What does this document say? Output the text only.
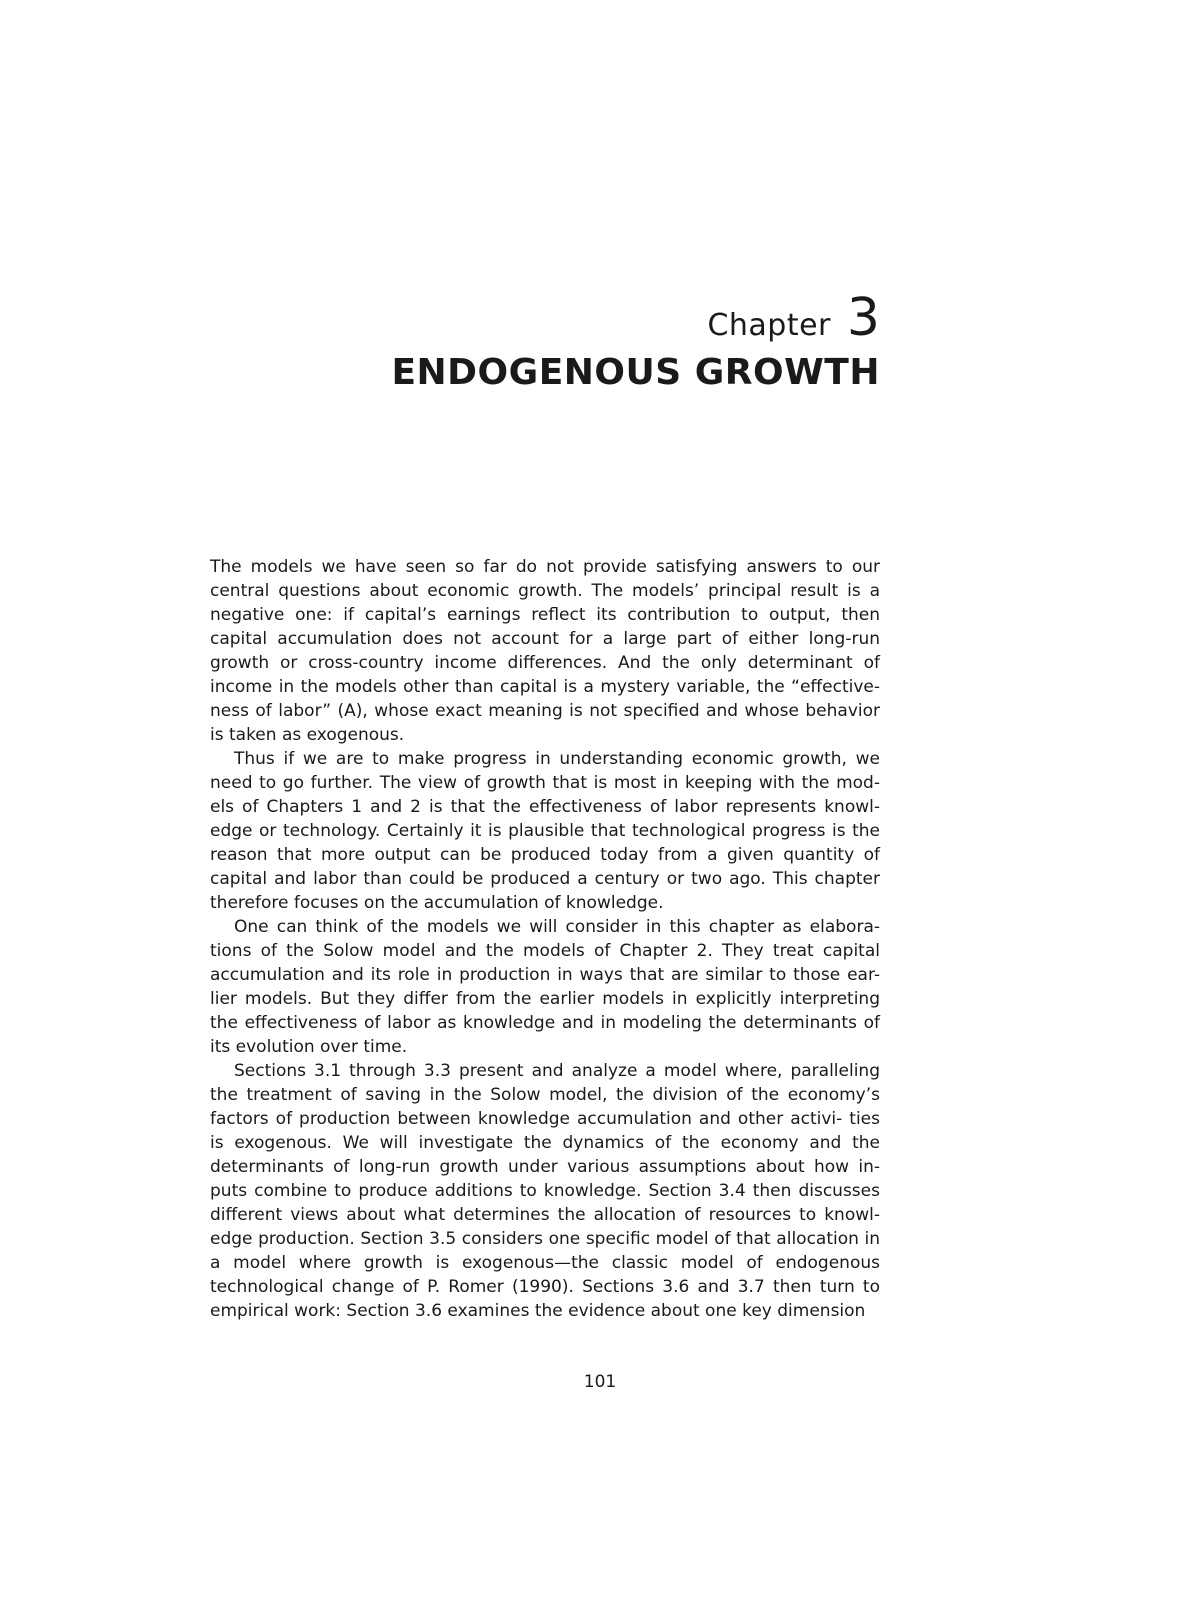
Chapter 3
ENDOGENOUS GROWTH

The models we have seen so far do not provide satisfying answers to our central questions about economic growth. The models’ principal result is a negative one: if capital’s earnings reflect its contribution to output, then capital accumulation does not account for a large part of either long-run growth or cross-country income differences. And the only determinant of income in the models other than capital is a mystery variable, the “effective- ness of labor” (A), whose exact meaning is not specified and whose behavior is taken as exogenous.

Thus if we are to make progress in understanding economic growth, we need to go further. The view of growth that is most in keeping with the mod- els of Chapters 1 and 2 is that the effectiveness of labor represents knowl- edge or technology. Certainly it is plausible that technological progress is the reason that more output can be produced today from a given quantity of capital and labor than could be produced a century or two ago. This chapter therefore focuses on the accumulation of knowledge.

One can think of the models we will consider in this chapter as elabora- tions of the Solow model and the models of Chapter 2. They treat capital accumulation and its role in production in ways that are similar to those ear- lier models. But they differ from the earlier models in explicitly interpreting the effectiveness of labor as knowledge and in modeling the determinants of its evolution over time.

Sections 3.1 through 3.3 present and analyze a model where, paralleling the treatment of saving in the Solow model, the division of the economy’s factors of production between knowledge accumulation and other activi- ties is exogenous. We will investigate the dynamics of the economy and the determinants of long-run growth under various assumptions about how in- puts combine to produce additions to knowledge. Section 3.4 then discusses different views about what determines the allocation of resources to knowl- edge production. Section 3.5 considers one specific model of that allocation in a model where growth is exogenous—the classic model of endogenous technological change of P. Romer (1990). Sections 3.6 and 3.7 then turn to empirical work: Section 3.6 examines the evidence about one key dimension

101
